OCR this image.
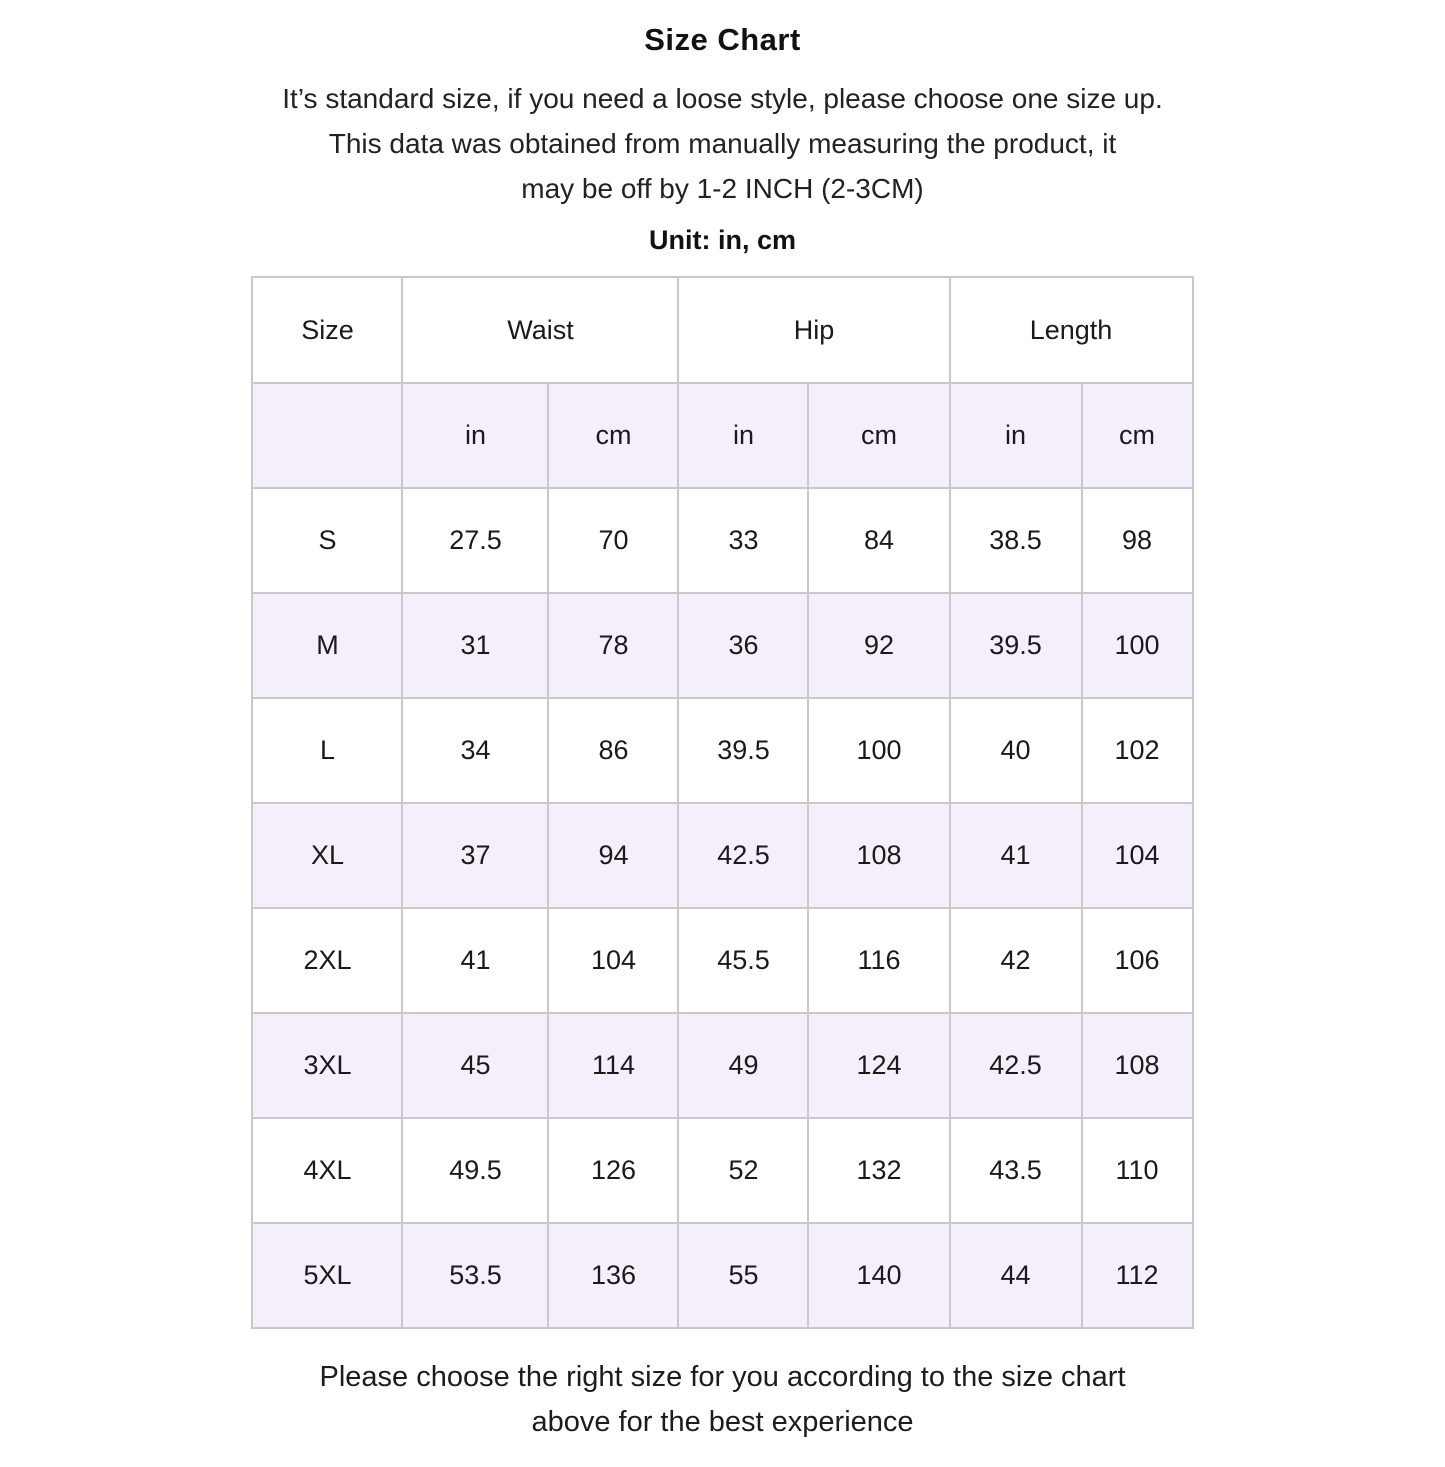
Size Chart
It’s standard size, if you need a loose style, please choose one size up.
This data was obtained from manually measuring the product, it
may be off by 1-2 INCH (2-3CM)
Unit: in, cm
Size	Waist		Hip		Length	
	in	cm	in	cm	in	cm
S	27.5	70	33	84	38.5	98
M	31	78	36	92	39.5	100
L	34	86	39.5	100	40	102
XL	37	94	42.5	108	41	104
2XL	41	104	45.5	116	42	106
3XL	45	114	49	124	42.5	108
4XL	49.5	126	52	132	43.5	110
5XL	53.5	136	55	140	44	112
Please choose the right size for you according to the size chart
above for the best experience
